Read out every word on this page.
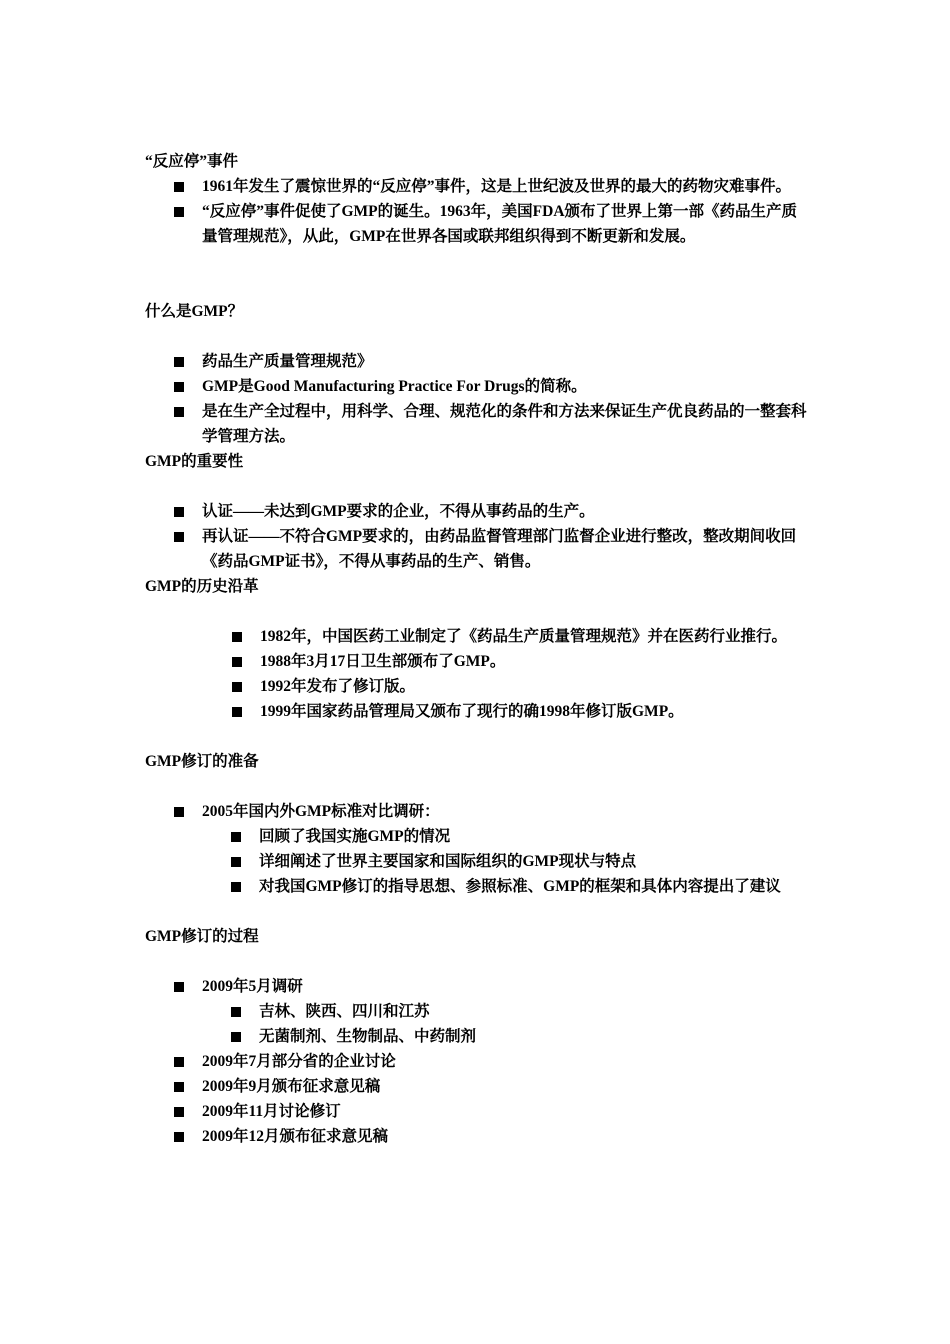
“反应停”事件
1961年发生了震惊世界的“反应停”事件，这是上世纪波及世界的最大的药物灾难事件。
“反应停”事件促使了GMP的诞生。1963年，美国FDA颁布了世界上第一部《药品生产质量管理规范》，从此，GMP在世界各国或联邦组织得到不断更新和发展。
什么是GMP？
药品生产质量管理规范》
GMP是Good Manufacturing Practice For Drugs的简称。
是在生产全过程中，用科学、合理、规范化的条件和方法来保证生产优良药品的一整套科学管理方法。
GMP的重要性
认证——未达到GMP要求的企业，不得从事药品的生产。
再认证——不符合GMP要求的，由药品监督管理部门监督企业进行整改，整改期间收回《药品GMP证书》，不得从事药品的生产、销售。
GMP的历史沿革
1982年，中国医药工业制定了《药品生产质量管理规范》并在医药行业推行。
1988年3月17日卫生部颁布了GMP。
1992年发布了修订版。
1999年国家药品管理局又颁布了现行的确1998年修订版GMP。
GMP修订的准备
2005年国内外GMP标准对比调研：
回顾了我国实施GMP的情况
详细阐述了世界主要国家和国际组织的GMP现状与特点
对我国GMP修订的指导思想、参照标准、GMP的框架和具体内容提出了建议
GMP修订的过程
2009年5月调研
吉林、陕西、四川和江苏
无菌制剂、生物制品、中药制剂
2009年7月部分省的企业讨论
2009年9月颁布征求意见稿
2009年11月讨论修订
2009年12月颁布征求意见稿
